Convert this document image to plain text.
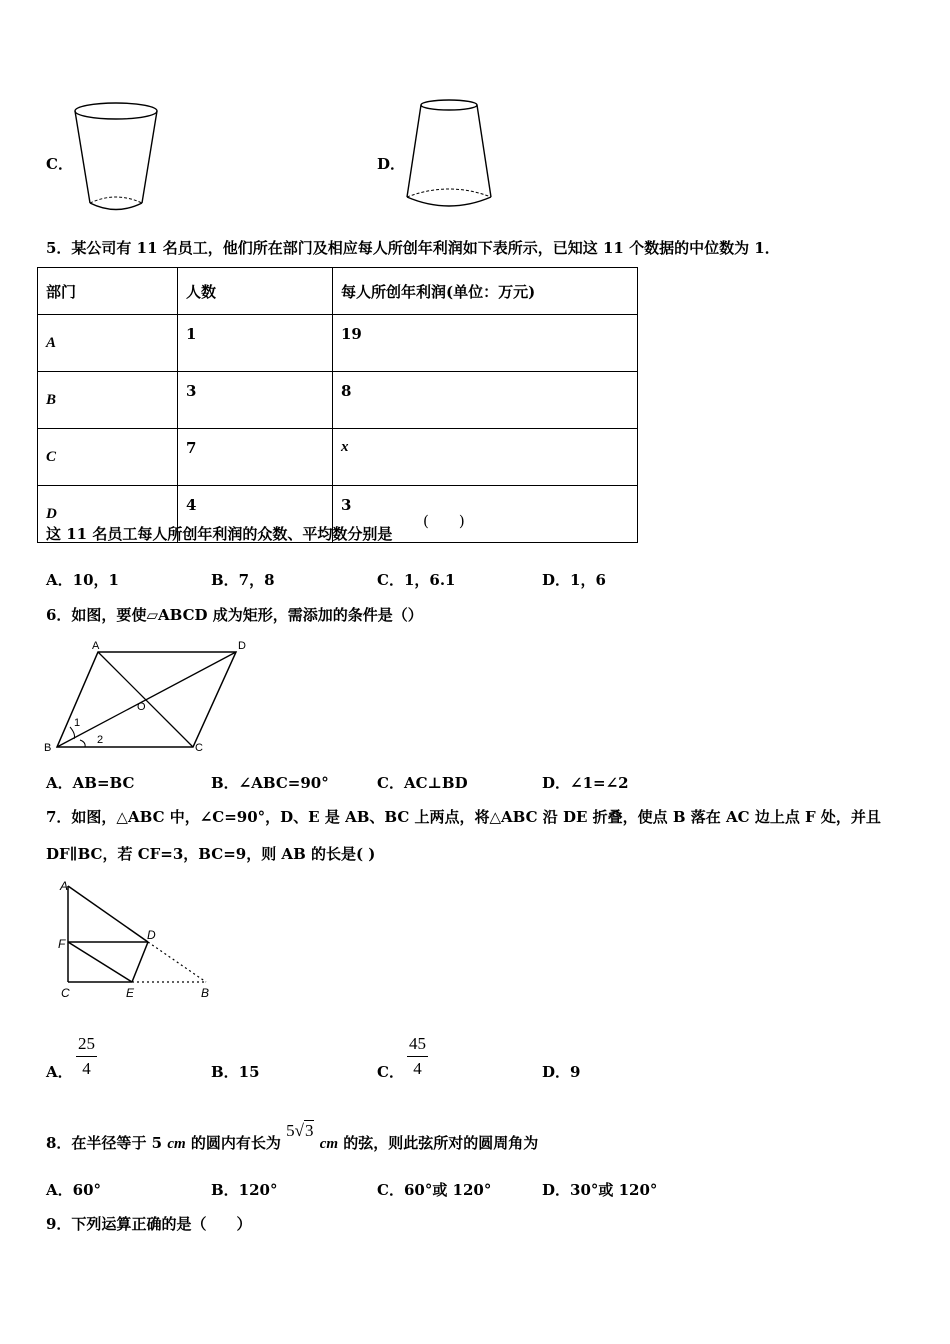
C．	D．
5．某公司有 11 名员工，他们所在部门及相应每人所创年利润如下表所示，已知这 11 个数据的中位数为 1．
部门	人数	每人所创年利润(单位：万元)
A	1	19
B	3	8
C	7	x
D	4	3
这 11 名员工每人所创年利润的众数、平均数分别是
(　　)
A．10，1	B．7，8	C．1，6.1	D．1，6
6．如图，要使▱ABCD 成为矩形，需添加的条件是（）
A	D
O
B	C
1
2
A．AB=BC	B．∠ABC=90°	C．AC⊥BD	D．∠1=∠2
7．如图，△ABC 中，∠C=90°，D、E 是 AB、BC 上两点，将△ABC 沿 DE 折叠，使点 B 落在 AC 边上点 F 处，并且
DF∥BC，若 CF=3，BC=9，则 AB 的长是( )
A
F
D
C	E	B
A．
25
4	B．15	C．
45
4	D．9
8．在半径等于 5 cm 的圆内有长为 5√3 cm 的弦，则此弦所对的圆周角为
A．60°	B．120°	C．60°或 120°	D．30°或 120°
9．下列运算正确的是（　　）
